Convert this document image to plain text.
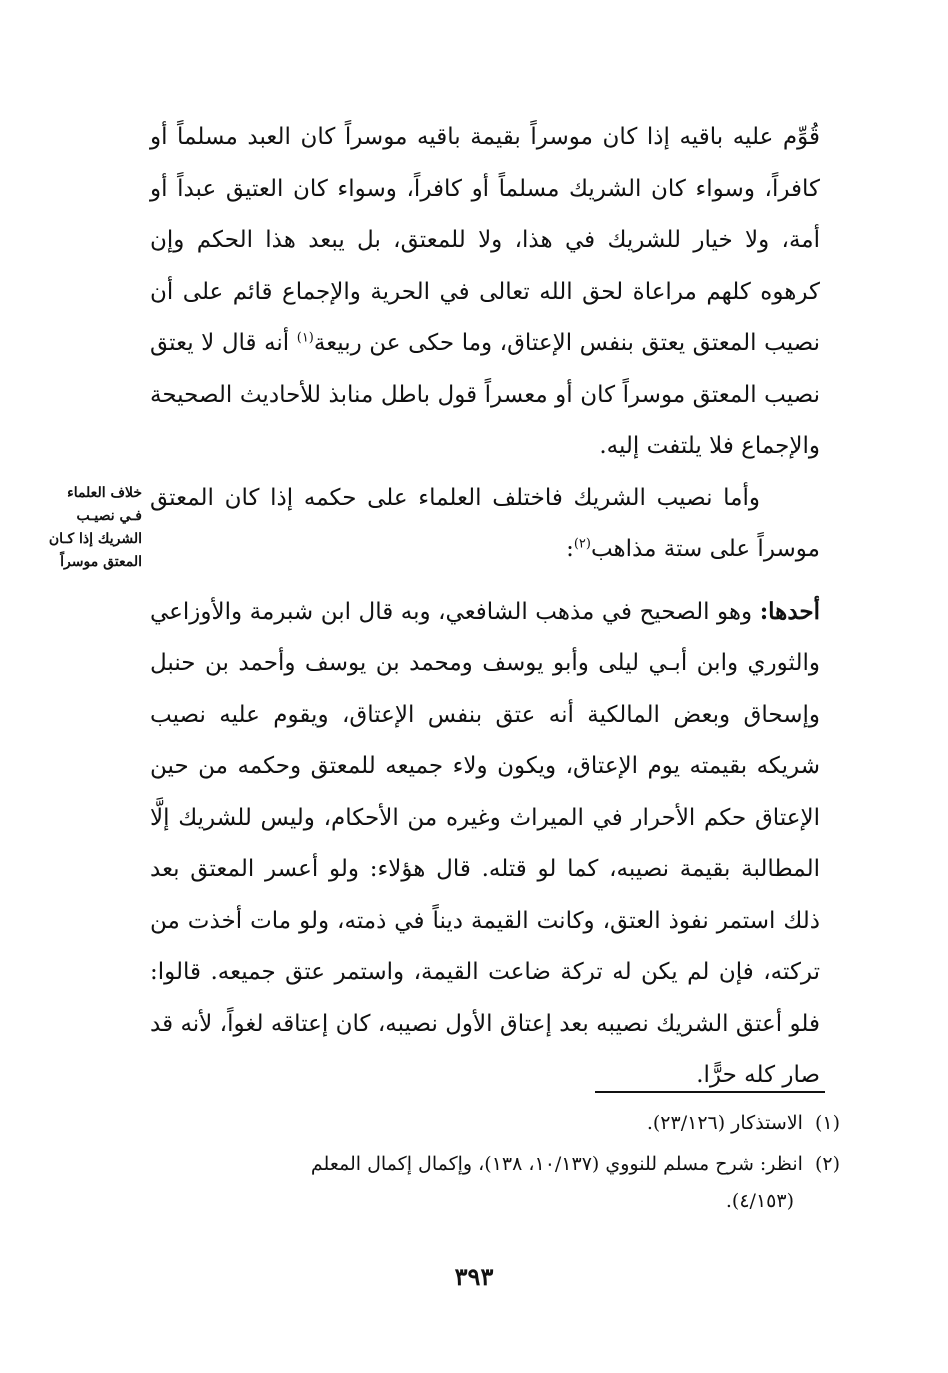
قُوِّم عليه باقيه إذا كان موسراً بقيمة باقيه موسراً كان العبد مسلماً أو كافراً، وسواء كان الشريك مسلماً أو كافراً، وسواء كان العتيق عبداً أو أمة، ولا خيار للشريك في هذا، ولا للمعتق، بل يبعد هذا الحكم وإن كرهوه كلهم مراعاة لحق الله تعالى في الحرية والإجماع قائم على أن نصيب المعتق يعتق بنفس الإعتاق، وما حكى عن ربيعة$^{(١)}$ أنه قال لا يعتق نصيب المعتق موسراً كان أو معسراً قول باطل منابذ للأحاديث الصحيحة والإجماع فلا يلتفت إليه.

وأما نصيب الشريك فاختلف العلماء على حكمه إذا كان المعتق موسراً على ستة مذاهب$^{(٢)}$:

أحدها: وهو الصحيح في مذهب الشافعي، وبه قال ابن شبرمة والأوزاعي والثوري وابن أبـي ليلى وأبو يوسف ومحمد بن يوسف وأحمد بن حنبل وإسحاق وبعض المالكية أنه عتق بنفس الإعتاق، ويقوم عليه نصيب شريكه بقيمته يوم الإعتاق، ويكون ولاء جميعه للمعتق وحكمه من حين الإعتاق حكم الأحرار في الميراث وغيره من الأحكام، وليس للشريك إلَّا المطالبة بقيمة نصيبه، كما لو قتله. قال هؤلاء: ولو أعسر المعتق بعد ذلك استمر نفوذ العتق، وكانت القيمة ديناً في ذمته، ولو مات أخذت من تركته، فإن لم يكن له تركة ضاعت القيمة، واستمر عتق جميعه. قالوا: فلو أعتق الشريك نصيبه بعد إعتاق الأول نصيبه، كان إعتاقه لغواً، لأنه قد صار كله حرًّا.

خلاف العلماء
فـي نصيـب
الشريك إذا كـان
المعتق موسراً
(١)الاستذكار (٢٣/١٢٦).
(٢)انظر: شرح مسلم للنووي (١٠/١٣٧، ١٣٨)، وإكمال إكمال المعلم
(٤/١٥٣).
٣٩٣
